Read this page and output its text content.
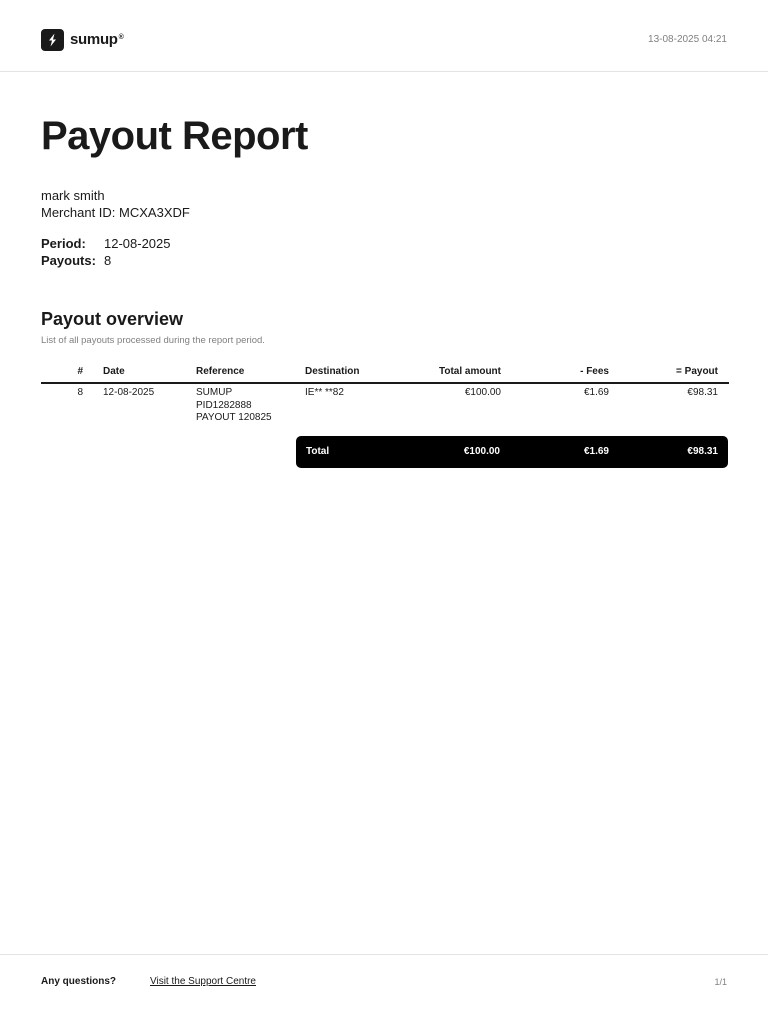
sumup®	13-08-2025 04:21
Payout Report
mark smith
Merchant ID: MCXA3XDF
Period:	12-08-2025
Payouts: 8
Payout overview
List of all payouts processed during the report period.
# Date	Reference	Destination	Total amount	- Fees	= Payout
8 12-08-2025	SUMUP
PID1282888
PAYOUT 120825
IE** **82	€100.00	€1.69	€98.31
Total	€100.00	€1.69	€98.31
Any questions?	Visit the Support Centre	1/1
